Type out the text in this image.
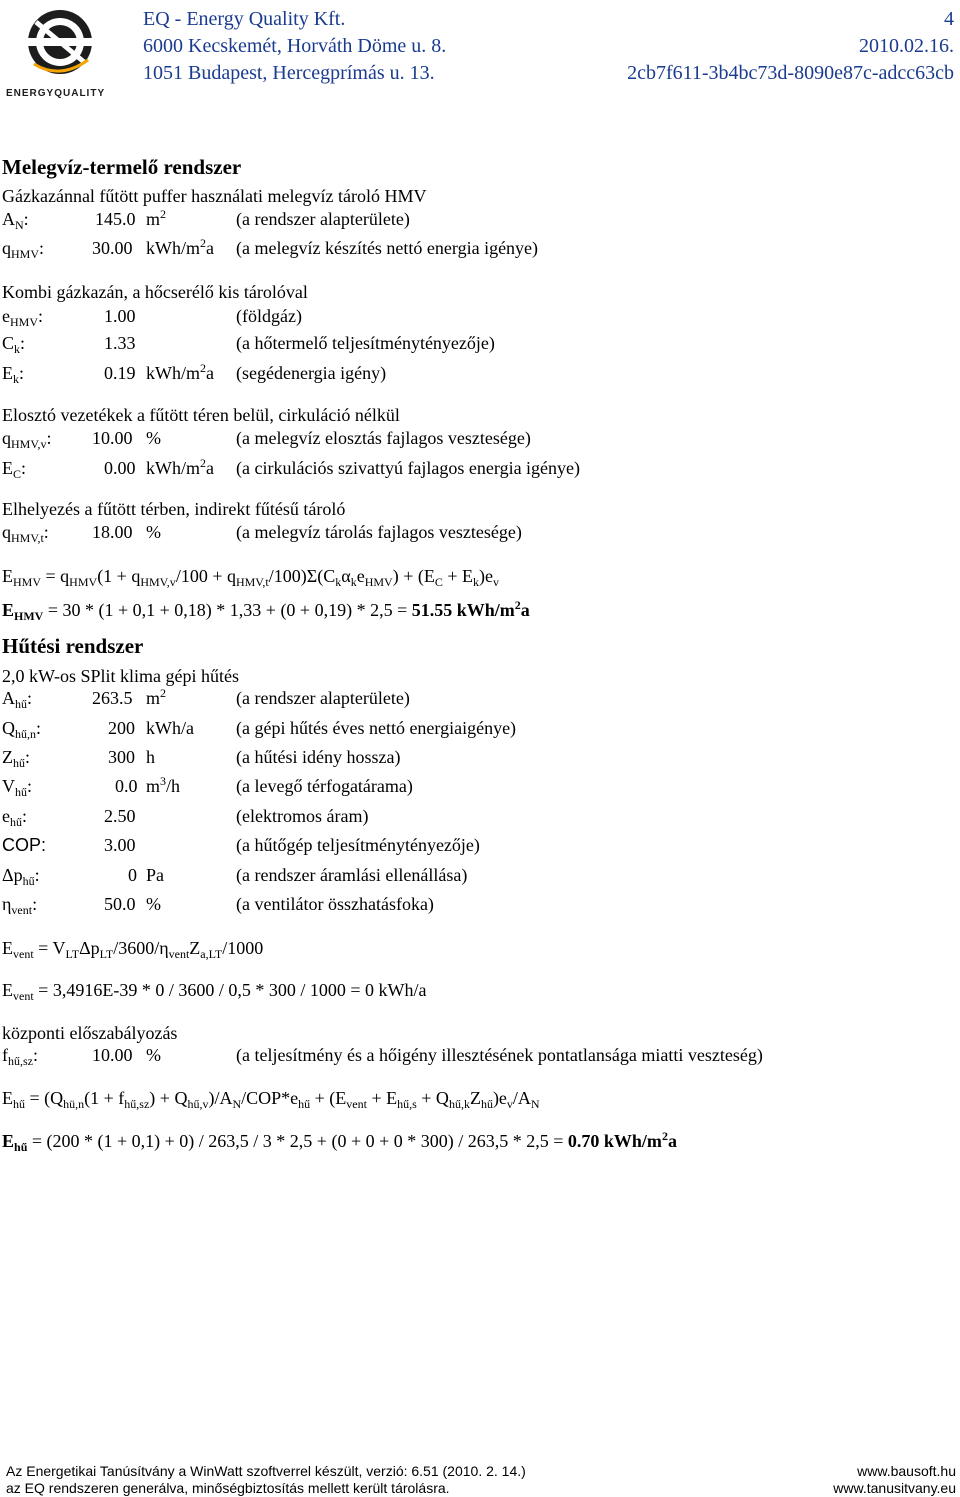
ENERGYQUALITY
EQ - Energy Quality Kft.
6000 Kecskemét, Horváth Döme u. 8.
1051 Budapest, Hercegprímás u. 13.
4
2010.02.16.
2cb7f611-3b4bc73d-8090e87c-adcc63cb
Melegvíz-termelő rendszer
Gázkazánnal fűtött puffer használati melegvíz tároló HMV
$A_N$:	145.0 $m^2$	(a rendszer alapterülete)
$q_{HMV}$:	30.00 kWh/$m^2a$ (a melegvíz készítés nettó energia igénye)
Kombi gázkazán, a hőcserélő kis tárolóval
$e_{HMV}$:	1.00	(földgáz)
$C_k$:	1.33	(a hőtermelő teljesítménytényezője)
$E_k$:	0.19 kWh/$m^2a$ (segédenergia igény)
Elosztó vezetékek a fűtött téren belül, cirkuláció nélkül
$q_{HMV,v}$: 10.00 %	(a melegvíz elosztás fajlagos vesztesége)
$E_C$:	0.00 kWh/$m^2a$ (a cirkulációs szivattyú fajlagos energia igénye)
Elhelyezés a fűtött térben, indirekt fűtésű tároló
$q_{HMV,t}$: 18.00 %	(a melegvíz tárolás fajlagos vesztesége)
$E_{HMV} = q_{HMV}(1 + q_{HMV,v}/100 + q_{HMV,t}/100)\Sigma(C_k\alpha_ke_{HMV}) + (E_C + E_k)e_v$
$E_{HMV} = 30 * (1 + 0,1 + 0,18) * 1,33 + (0 + 0,19) * 2,5 = 51.55$ kWh/$m^2a$
Hűtési rendszer
2,0 kW-os SPlit klima gépi hűtés
$A_{hű}$:	263.5 $m^2$	(a rendszer alapterülete)
$Q_{hű,n}$:	200 kWh/a (a gépi hűtés éves nettó energiaigénye)
$Z_{hű}$:	300 h	(a hűtési idény hossza)
$V_{hű}$:	0.0 $m^3/h$	(a levegő térfogatárama)
$e_{hű}$:	2.50	(elektromos áram)
COP:	3.00	(a hűtőgép teljesítménytényezője)
$\Delta p_{hű}$:	0 Pa	(a rendszer áramlási ellenállása)
$\eta_{vent}$:	50.0 %	(a ventilátor összhatásfoka)
$E_{vent} = V_{LT}\Delta p_{LT}/3600/\eta_{vent}Z_{a,LT}/1000$
$E_{vent} = 3,4916E-39 * 0 / 3600 / 0,5 * 300 / 1000 = 0$ kWh/a
központi előszabályozás
$f_{hű,sz}$:	10.00 %	(a teljesítmény és a hőigény illesztésének pontatlansága miatti veszteség)
$E_{hű} = (Q_{hü,n}(1 + f_{hű,sz}) + Q_{hű,v})/A_N/COP*e_{hű} + (E_{vent} + E_{hű,s} + Q_{hű,k}Z_{hű})e_v/A_N$
$E_{hű} = (200 * (1 + 0,1) + 0) / 263,5 / 3 * 2,5 + (0 + 0 + 0 * 300) / 263,5 * 2,5 = 0.70$ kWh/$m^2a$
Az Energetikai Tanúsítvány a WinWatt szoftverrel készült, verzió: 6.51 (2010. 2. 14.)
az EQ rendszeren generálva, minőségbiztosítás mellett került tárolásra.
www.bausoft.hu
www.tanusitvany.eu
